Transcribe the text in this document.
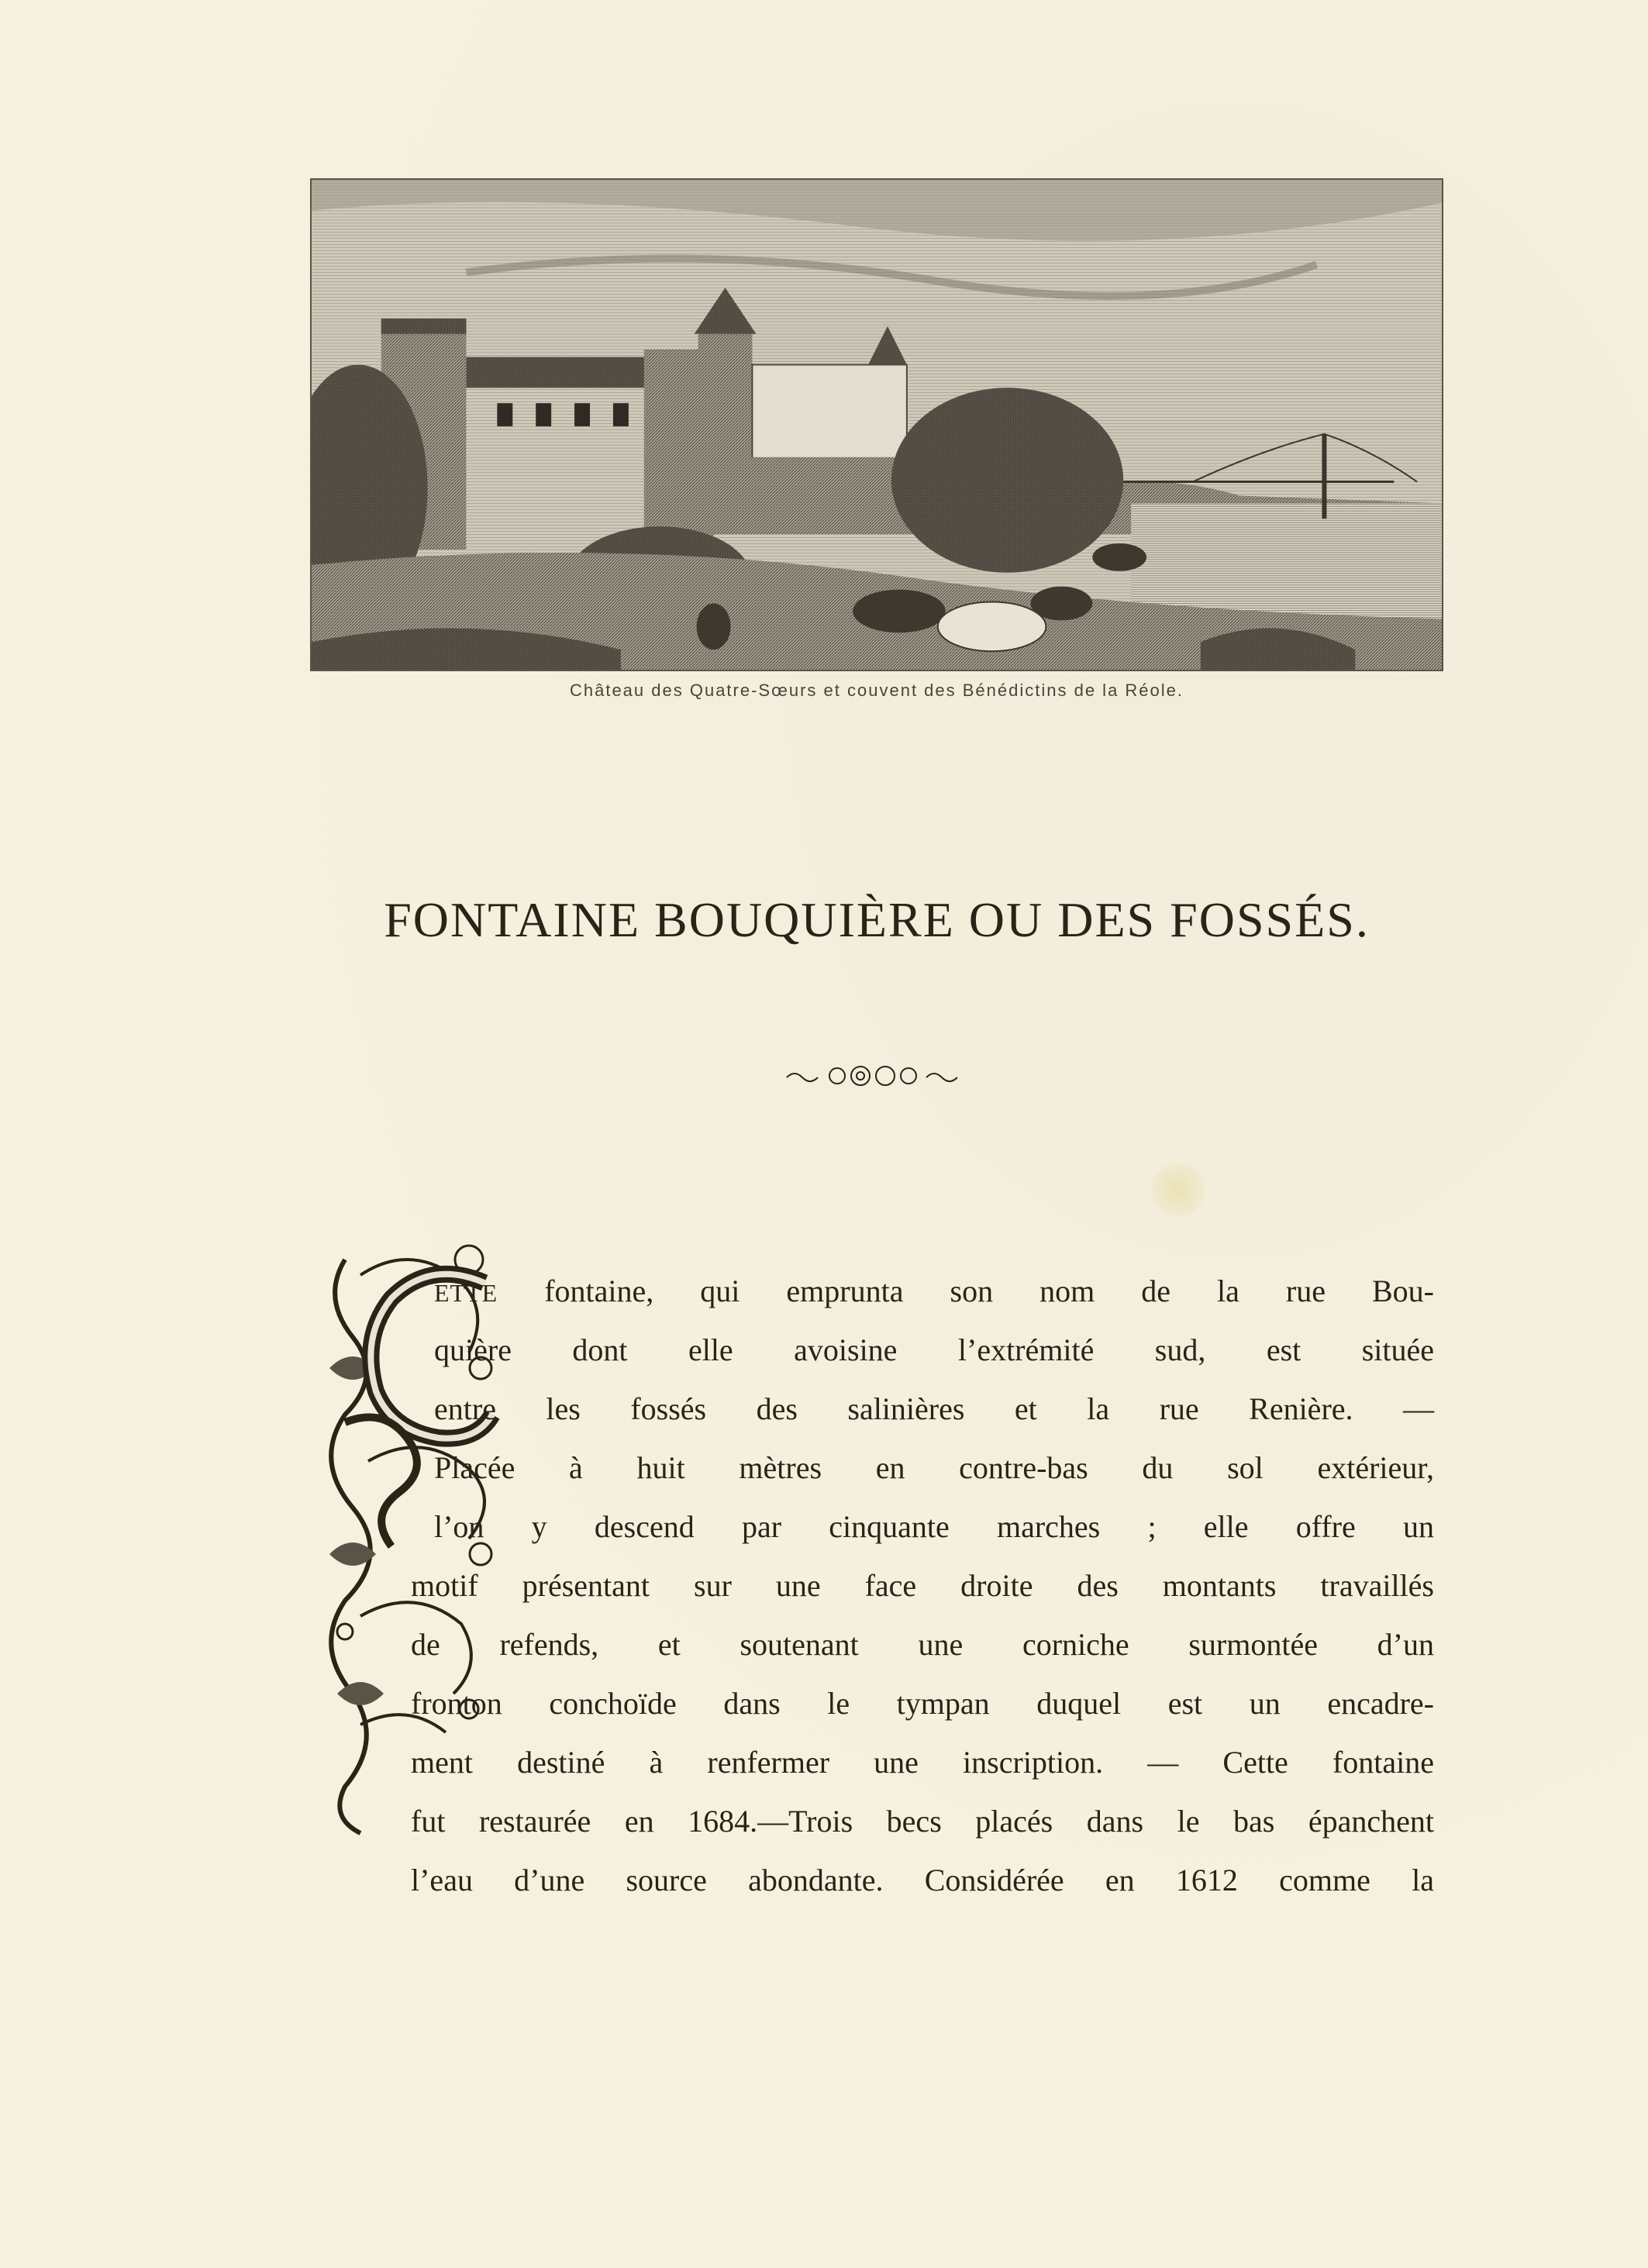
Château des Quatre-Sœurs et couvent des Bénédictins de la Réole.
FONTAINE BOUQUIÈRE OU DES FOSSÉS.
ETTE fontaine, qui emprunta son nom de la rue Bou-
quière dont elle avoisine l’extrémité sud, est située
entre les fossés des salinières et la rue Renière. —
Placée à huit mètres en contre-bas du sol extérieur,
l’on y descend par cinquante marches ; elle offre un
motif présentant sur une face droite des montants travaillés
de refends, et soutenant une corniche surmontée d’un
fronton conchoïde dans le tympan duquel est un encadre-
ment destiné à renfermer une inscription. — Cette fontaine
fut restaurée en 1684.—Trois becs placés dans le bas épanchent
l’eau d’une source abondante. Considérée en 1612 comme la
